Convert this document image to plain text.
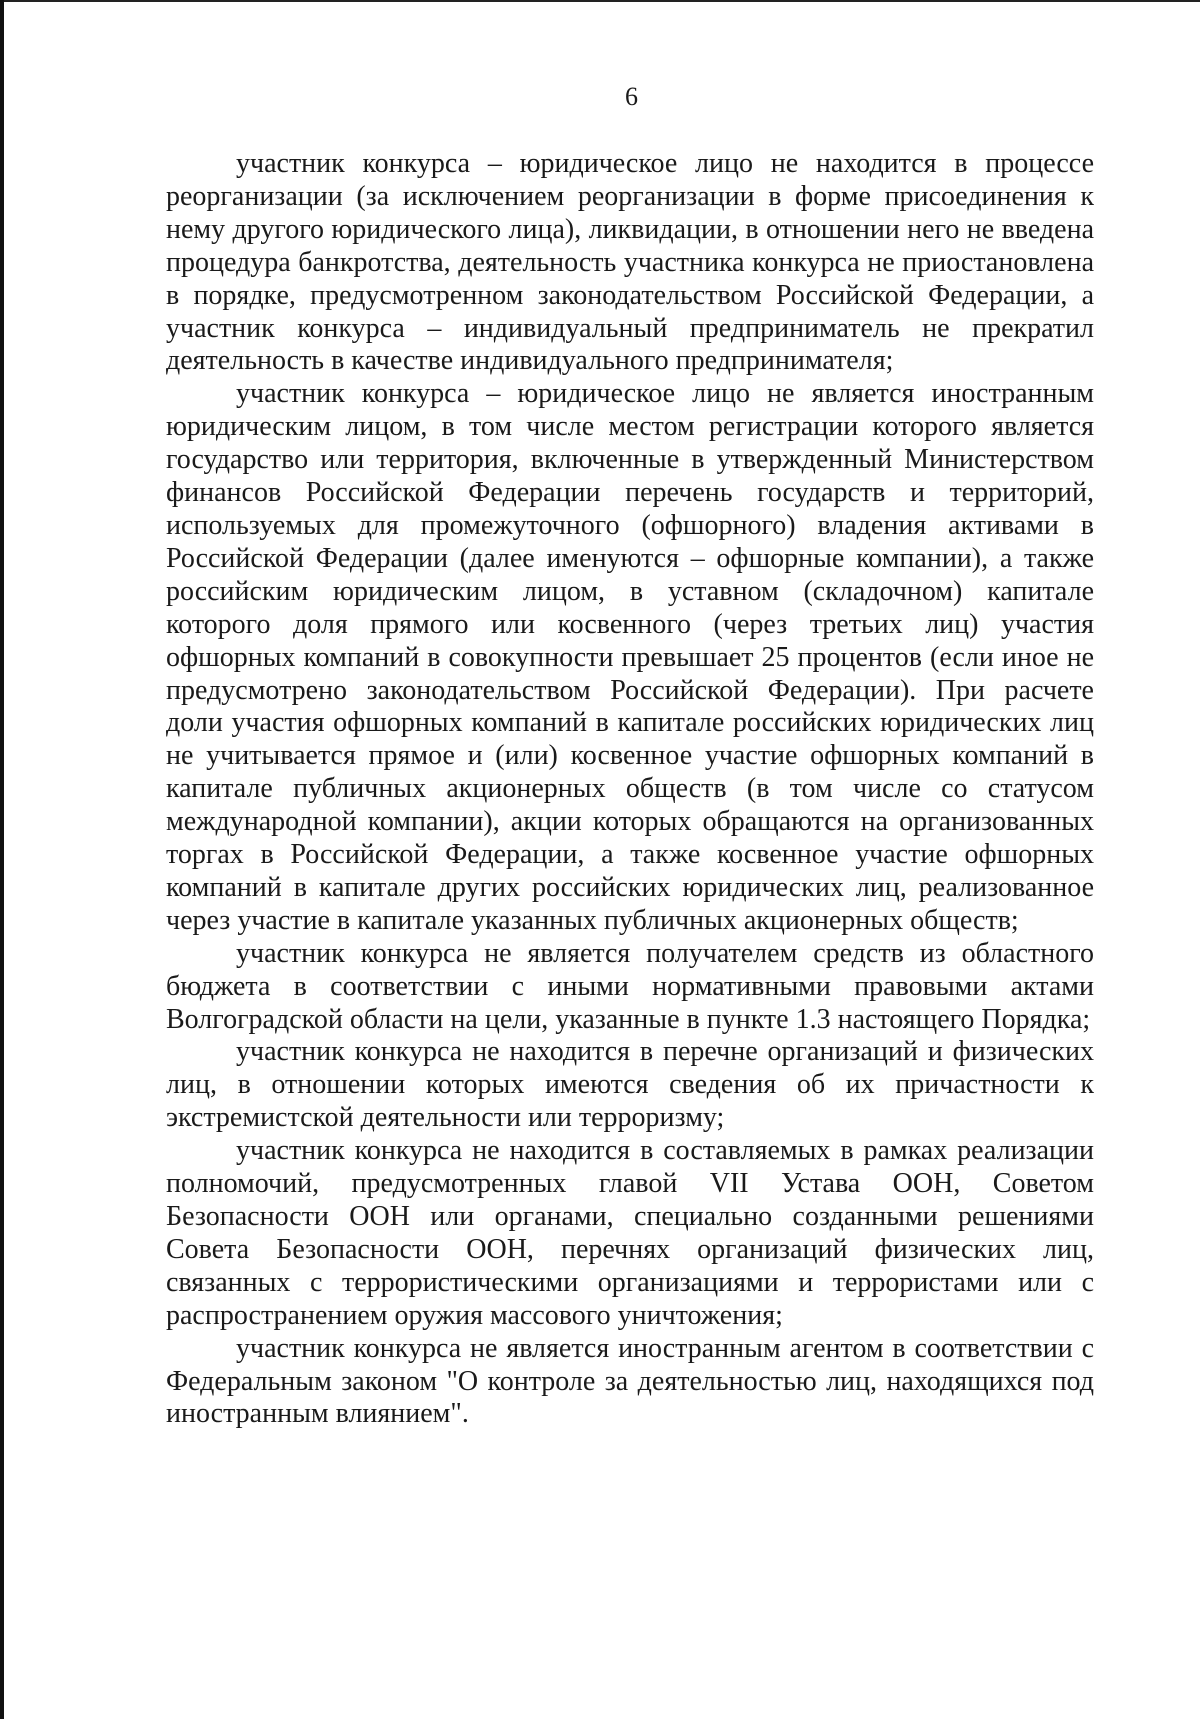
6

участник конкурса – юридическое лицо не находится в процессе реорганизации (за исключением реорганизации в форме присоединения к нему другого юридического лица), ликвидации, в отношении него не введена процедура банкротства, деятельность участника конкурса не приостановлена в порядке, предусмотренном законодательством Российской Федерации, а участник конкурса – индивидуальный предприниматель не прекратил деятельность в качестве индивидуального предпринимателя;

участник конкурса – юридическое лицо не является иностранным юридическим лицом, в том числе местом регистрации которого является государство или территория, включенные в утвержденный Министерством финансов Российской Федерации перечень государств и территорий, используемых для промежуточного (офшорного) владения активами в Российской Федерации (далее именуются – офшорные компании), а также российским юридическим лицом, в уставном (складочном) капитале которого доля прямого или косвенного (через третьих лиц) участия офшорных компаний в совокупности превышает 25 процентов (если иное не предусмотрено законодательством Российской Федерации). При расчете доли участия офшорных компаний в капитале российских юридических лиц не учитывается прямое и (или) косвенное участие офшорных компаний в капитале публичных акционерных обществ (в том числе со статусом международной компании), акции которых обращаются на организованных торгах в Российской Федерации, а также косвенное участие офшорных компаний в капитале других российских юридических лиц, реализованное через участие в капитале указанных публичных акционерных обществ;

участник конкурса не является получателем средств из областного бюджета в соответствии с иными нормативными правовыми актами Волгоградской области на цели, указанные в пункте 1.3 настоящего Порядка;

участник конкурса не находится в перечне организаций и физических лиц, в отношении которых имеются сведения об их причастности к экстремистской деятельности или терроризму;

участник конкурса не находится в составляемых в рамках реализации полномочий, предусмотренных главой VII Устава ООН, Советом Безопасности ООН или органами, специально созданными решениями Совета Безопасности ООН, перечнях организаций физических лиц, связанных с террористическими организациями и террористами или с распространением оружия массового уничтожения;

участник конкурса не является иностранным агентом в соответствии с Федеральным законом "О контроле за деятельностью лиц, находящихся под иностранным влиянием".
